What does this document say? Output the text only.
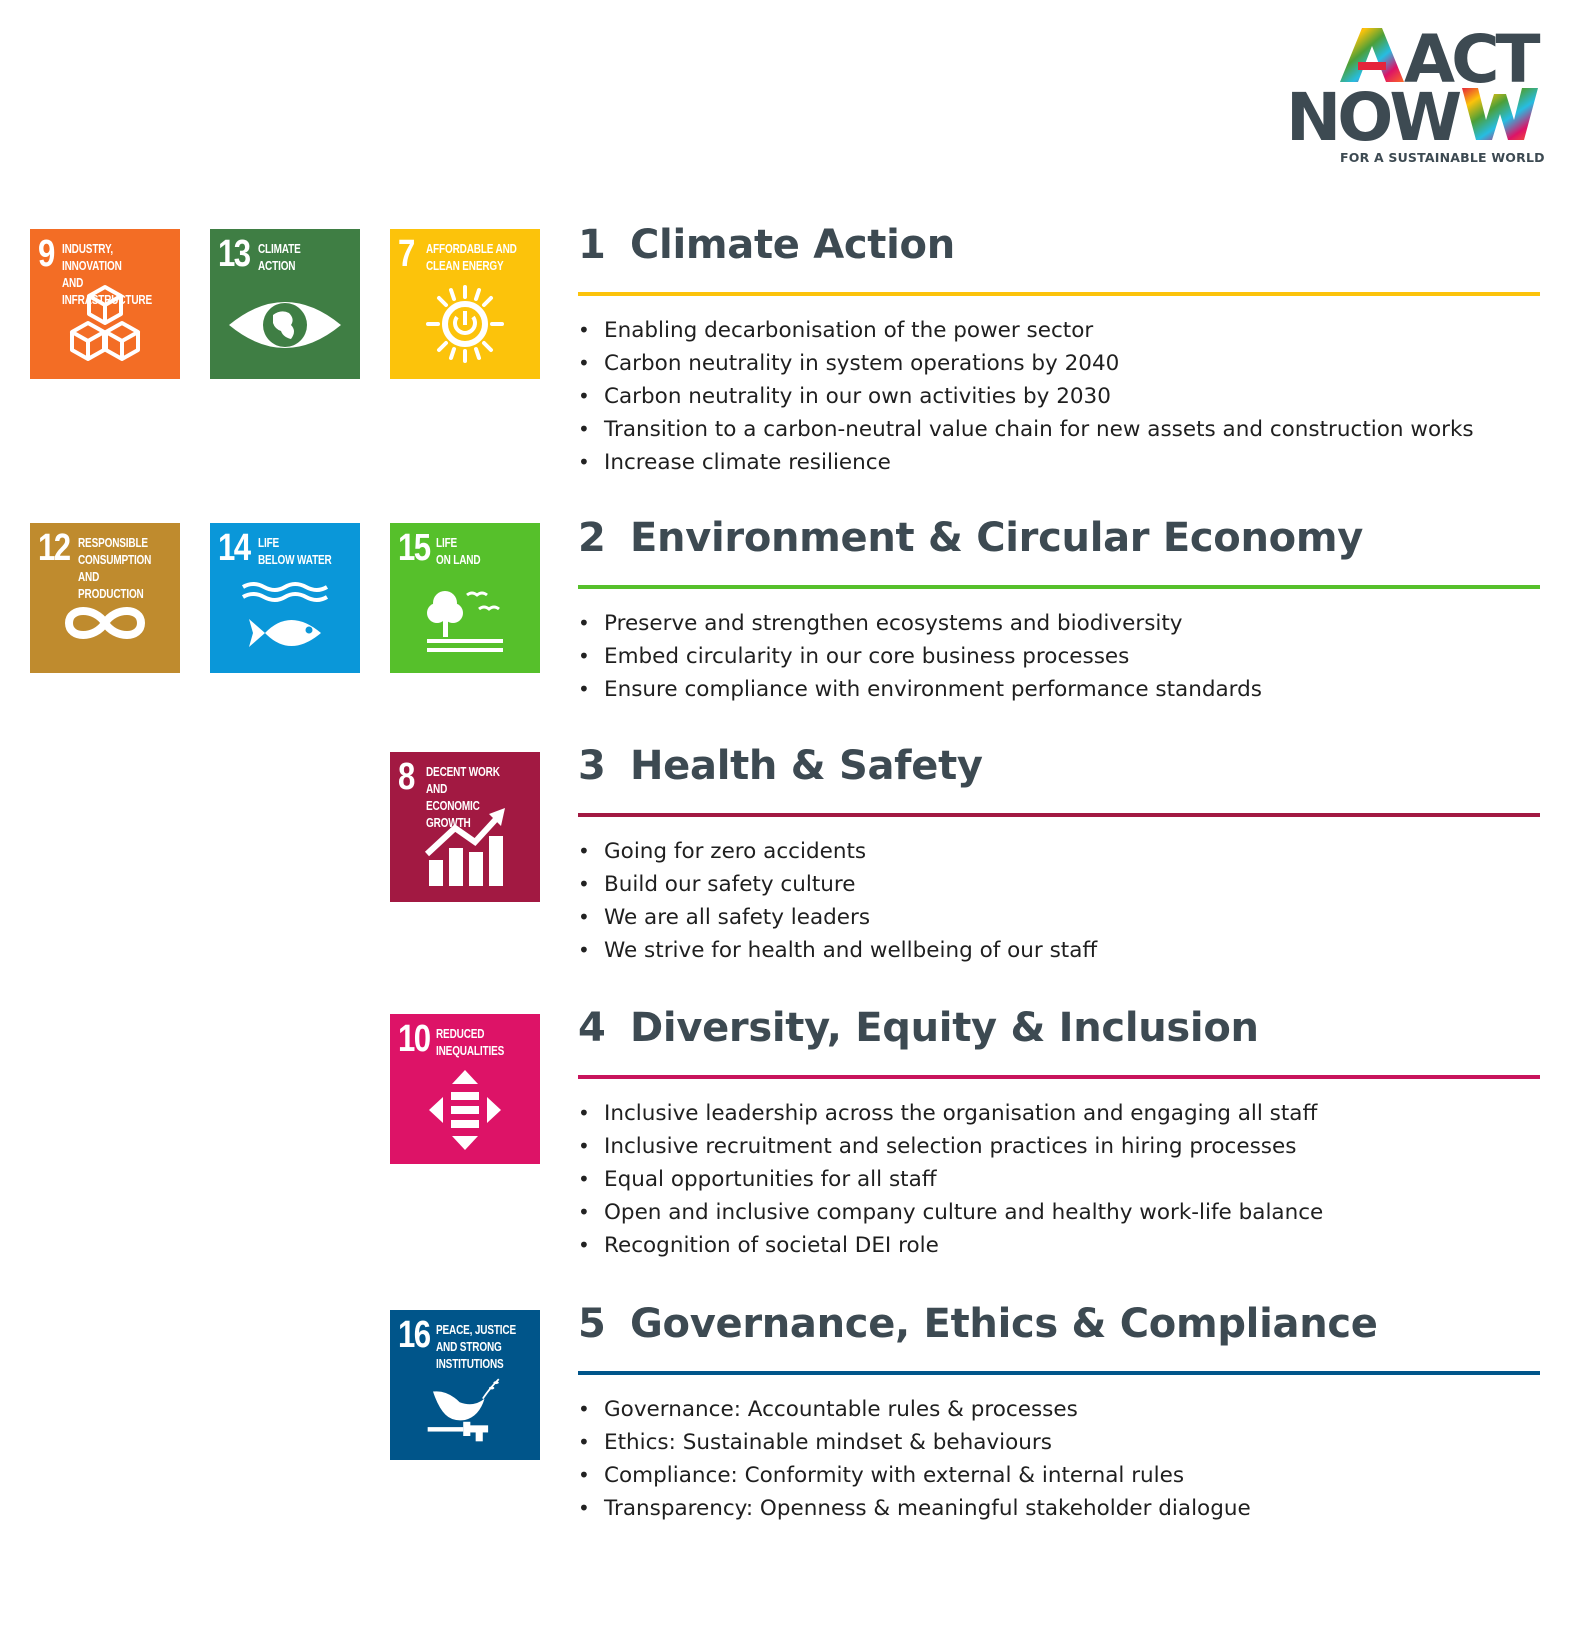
ACT
NOW
FOR A SUSTAINABLE WORLD
9 INDUSTRY, INNOVATION
AND INFRASTRUCTURE
13 CLIMATE
ACTION	7 AFFORDABLE AND
CLEAN ENERGY
12 RESPONSIBLE
CONSUMPTION
AND PRODUCTION
14 LIFE
BELOW WATER 15 LIFE
ON LAND
8 DECENT WORK AND
ECONOMIC GROWTH
10 REDUCED
INEQUALITIES
16 PEACE, JUSTICE
AND STRONG
INSTITUTIONS
1 Climate Action
• Enabling decarbonisation of the power sector
• Carbon neutrality in system operations by 2040
• Carbon neutrality in our own activities by 2030
• Transition to a carbon-neutral value chain for new assets and construction works
• Increase climate resilience
2 Environment & Circular Economy
• Preserve and strengthen ecosystems and biodiversity
• Embed circularity in our core business processes
• Ensure compliance with environment performance standards
3 Health & Safety
• Going for zero accidents
• Build our safety culture
• We are all safety leaders
• We strive for health and wellbeing of our staff
4 Diversity, Equity & Inclusion
• Inclusive leadership across the organisation and engaging all staff
• Inclusive recruitment and selection practices in hiring processes
• Equal opportunities for all staff
• Open and inclusive company culture and healthy work-life balance
• Recognition of societal DEI role
5 Governance, Ethics & Compliance
• Governance: Accountable rules & processes
• Ethics: Sustainable mindset & behaviours
• Compliance: Conformity with external & internal rules
• Transparency: Openness & meaningful stakeholder dialogue
